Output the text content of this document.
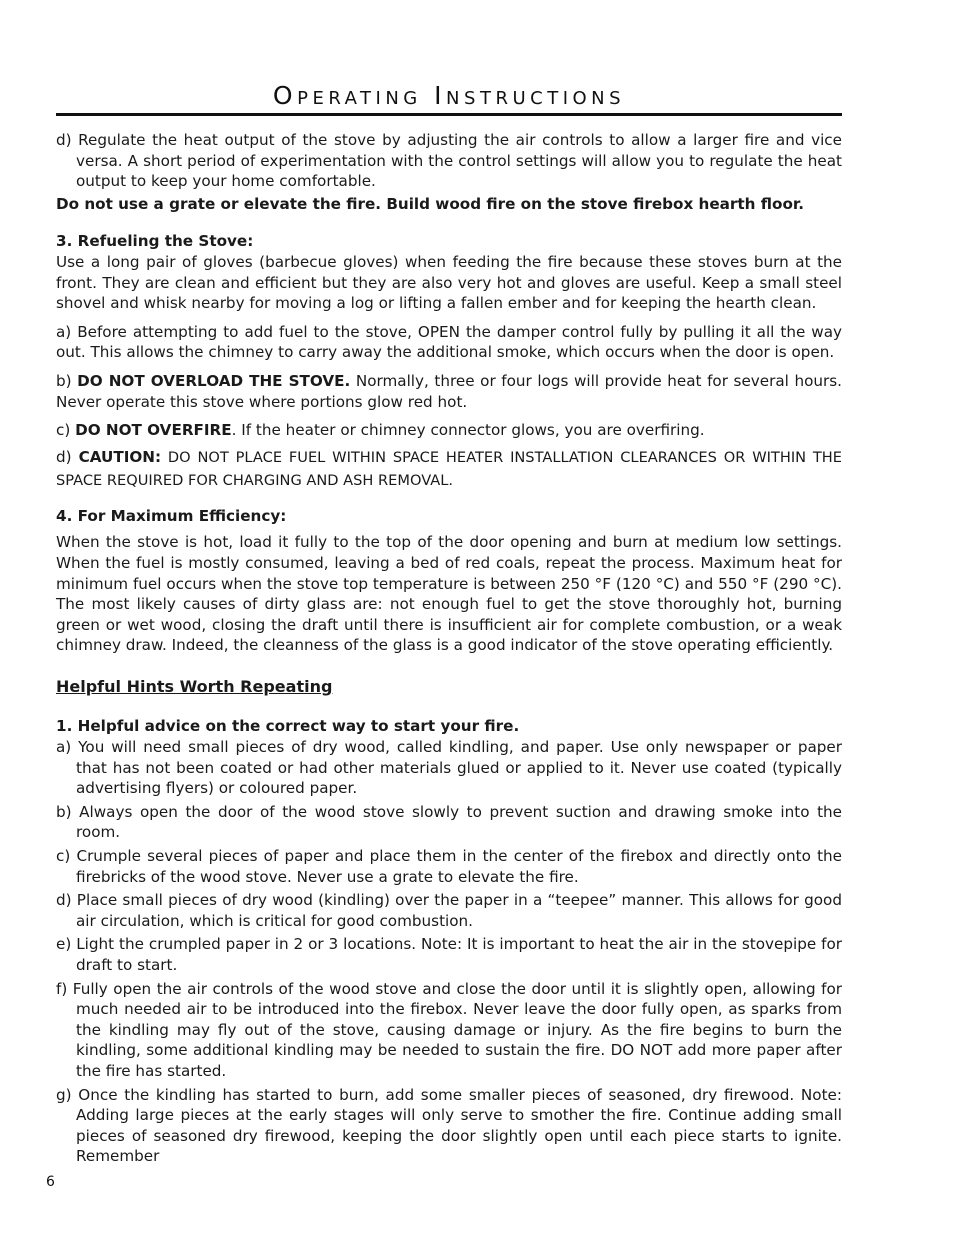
Operating Instructions

d) Regulate the heat output of the stove by adjusting the air controls to allow a larger fire and vice versa. A short period of experimentation with the control settings will allow you to regulate the heat output to keep your home comfortable.

Do not use a grate or elevate the fire. Build wood fire on the stove firebox hearth floor.

3. Refueling the Stove:

Use a long pair of gloves (barbecue gloves) when feeding the fire because these stoves burn at the front. They are clean and efficient but they are also very hot and gloves are useful. Keep a small steel shovel and whisk nearby for moving a log or lifting a fallen ember and for keeping the hearth clean.

a) Before attempting to add fuel to the stove, OPEN the damper control fully by pulling it all the way out. This allows the chimney to carry away the additional smoke, which occurs when the door is open.

b) DO NOT OVERLOAD THE STOVE. Normally, three or four logs will provide heat for several hours. Never operate this stove where portions glow red hot.

c) DO NOT OVERFIRE. If the heater or chimney connector glows, you are overfiring.

d) CAUTION: DO NOT PLACE FUEL WITHIN SPACE HEATER INSTALLATION CLEARANCES OR WITHIN THE SPACE REQUIRED FOR CHARGING AND ASH REMOVAL.

4. For Maximum Efficiency:

When the stove is hot, load it fully to the top of the door opening and burn at medium low settings. When the fuel is mostly consumed, leaving a bed of red coals, repeat the process. Maximum heat for minimum fuel occurs when the stove top temperature is between 250 °F (120 °C) and 550 °F (290 °C). The most likely causes of dirty glass are: not enough fuel to get the stove thoroughly hot, burning green or wet wood, closing the draft until there is insufficient air for complete combustion, or a weak chimney draw. Indeed, the cleanness of the glass is a good indicator of the stove operating efficiently.

Helpful Hints Worth Repeating

1. Helpful advice on the correct way to start your fire.

a) You will need small pieces of dry wood, called kindling, and paper. Use only newspaper or paper that has not been coated or had other materials glued or applied to it. Never use coated (typically advertising flyers) or coloured paper.

b) Always open the door of the wood stove slowly to prevent suction and drawing smoke into the room.

c) Crumple several pieces of paper and place them in the center of the firebox and directly onto the firebricks of the wood stove. Never use a grate to elevate the fire.

d) Place small pieces of dry wood (kindling) over the paper in a “teepee” manner. This allows for good air circulation, which is critical for good combustion.

e) Light the crumpled paper in 2 or 3 locations. Note: It is important to heat the air in the stovepipe for draft to start.

f) Fully open the air controls of the wood stove and close the door until it is slightly open, allowing for much needed air to be introduced into the firebox. Never leave the door fully open, as sparks from the kindling may fly out of the stove, causing damage or injury. As the fire begins to burn the kindling, some additional kindling may be needed to sustain the fire. DO NOT add more paper after the fire has started.

g) Once the kindling has started to burn, add some smaller pieces of seasoned, dry firewood. Note: Adding large pieces at the early stages will only serve to smother the fire. Continue adding small pieces of seasoned dry firewood, keeping the door slightly open until each piece starts to ignite. Remember

6
